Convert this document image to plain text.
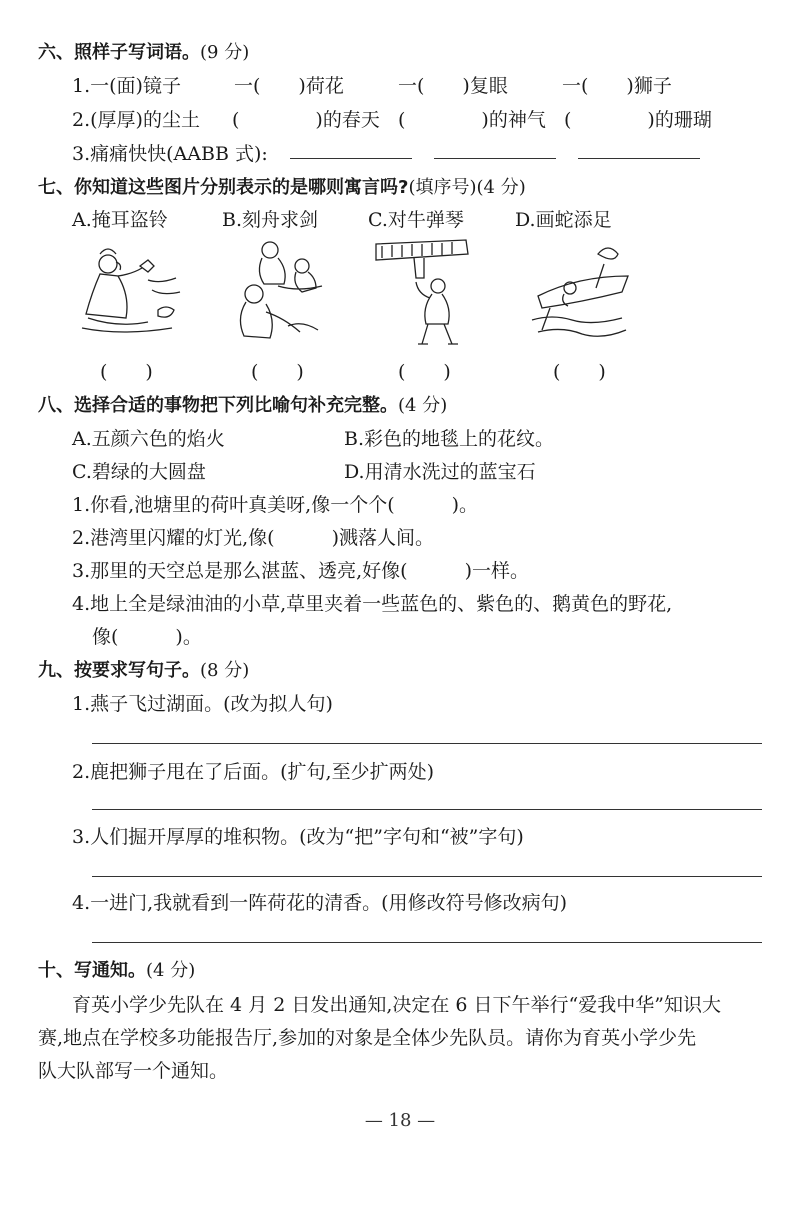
六、照样子写词语。(9 分)
1.一(面)镜子	一(　　)荷花	一(　　)复眼	一(　　)狮子
2.(厚厚)的尘土 (　　　　)的春天 (　　　　)的神气 (　　　　)的珊瑚
3.痛痛快快(AABB 式):
七、你知道这些图片分别表示的是哪则寓言吗?(填序号)(4 分)
A.掩耳盗铃	B.刻舟求剑	C.对牛弹琴	D.画蛇添足
(　　)	(　　)	(　　)	(　　)
八、选择合适的事物把下列比喻句补充完整。(4 分)
A.五颜六色的焰火	B.彩色的地毯上的花纹。
C.碧绿的大圆盘	D.用清水洗过的蓝宝石
1.你看,池塘里的荷叶真美呀,像一个个(　　　)。
2.港湾里闪耀的灯光,像(　　　)溅落人间。
3.那里的天空总是那么湛蓝、透亮,好像(　　　)一样。
4.地上全是绿油油的小草,草里夹着一些蓝色的、紫色的、鹅黄色的野花,
像(　　　)。
九、按要求写句子。(8 分)
1.燕子飞过湖面。(改为拟人句)
2.鹿把狮子甩在了后面。(扩句,至少扩两处)
3.人们掘开厚厚的堆积物。(改为“把”字句和“被”字句)
4.一进门,我就看到一阵荷花的清香。(用修改符号修改病句)
十、写通知。(4 分)
育英小学少先队在 4 月 2 日发出通知,决定在 6 日下午举行“爱我中华”知识大
赛,地点在学校多功能报告厅,参加的对象是全体少先队员。请你为育英小学少先
队大队部写一个通知。
— 18 —
